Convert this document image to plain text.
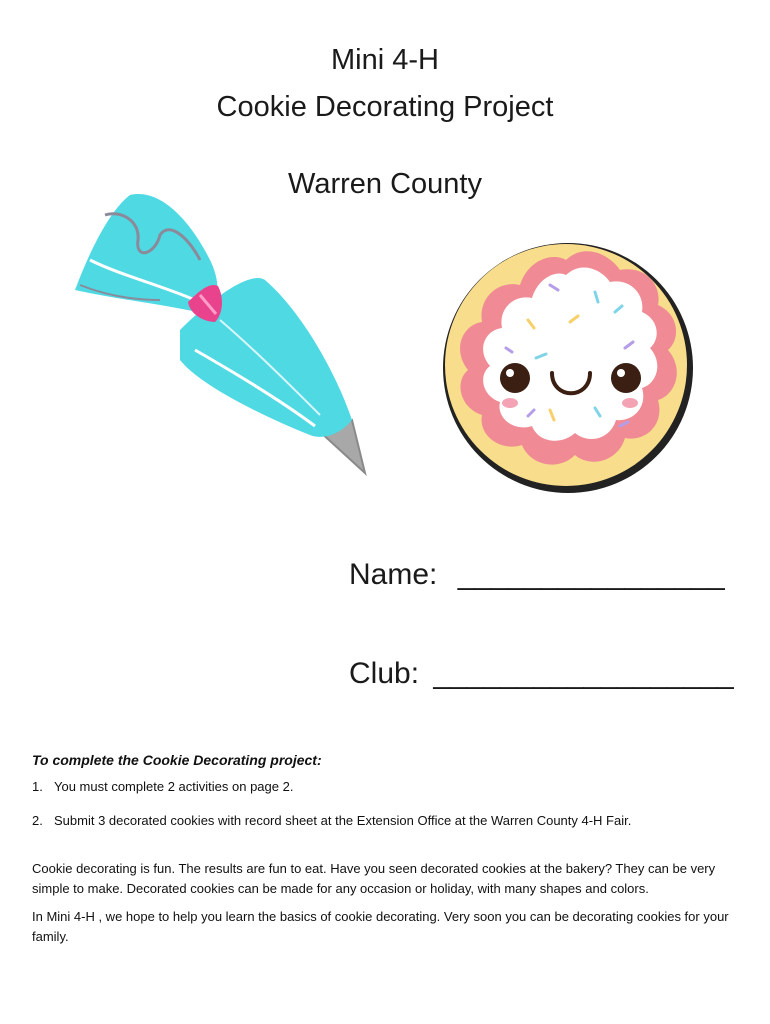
Mini 4-H
Cookie Decorating Project
Warren County
Name: ________________
Club: __________________

To complete the Cookie Decorating project:

1. You must complete 2 activities on page 2.
2. Submit 3 decorated cookies with record sheet at the Extension Office at the Warren County 4-H Fair.

Cookie decorating is fun. The results are fun to eat. Have you seen decorated cookies at the bakery? They can be very simple to make. Decorated cookies can be made for any occasion or holiday, with many shapes and colors.

In Mini 4-H , we hope to help you learn the basics of cookie decorating. Very soon you can be decorating cookies for your family.
